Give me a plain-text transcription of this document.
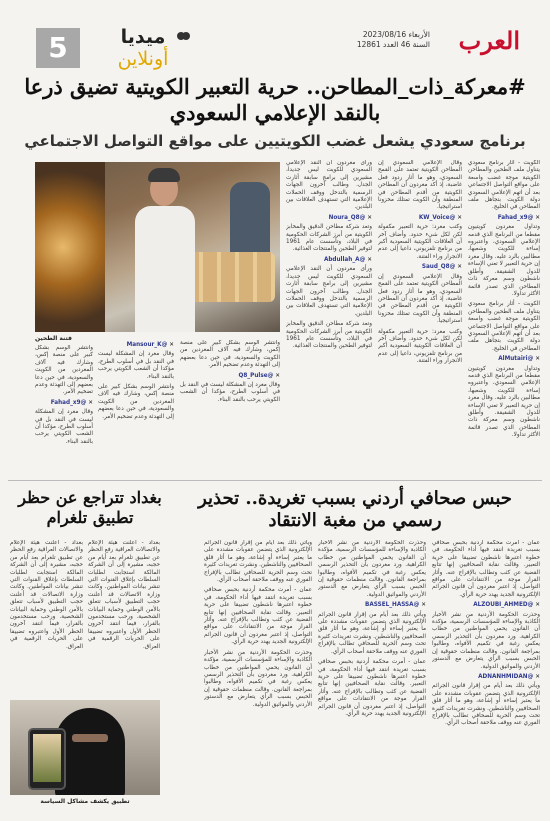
العرب
الأربعاء 2023/08/16
السنة 46 العدد 12861
ميديا
أونلاين
5
#معركة_ذات_المطاحن.. حرية التعبير الكويتية تضيق ذرعا بالنقد الإعلامي السعودي
برنامج سعودي يشعل غضب الكويتيين على مواقع التواصل الاجتماعي

الكويت - أثار برنامج سعودي يتناول ملف الطحين والمطاحن الكويتية موجة غضب واسعة على مواقع التواصل الاجتماعي بعد أن اتهم الإعلامي السعودي دولة الكويت بتجاهل ملف المطاحن في الخليج.

✕ @Fahad_x9

وتداول مغردون كويتيون مقطعا من البرنامج الذي قدمه الإعلامي السعودي، واعتبروه إساءة للكويت وشعبها، مطالبين بالرد عليه. وقال مغرد إن حرية التعبير لا تعني الإساءة للدول الشقيقة. وأطلق ناشطون وسم معركة ذات المطاحن الذي تصدر قائمة الأكثر تداولا.

الكويت - أثار برنامج سعودي يتناول ملف الطحين والمطاحن الكويتية موجة غضب واسعة على مواقع التواصل الاجتماعي بعد أن اتهم الإعلامي السعودي دولة الكويت بتجاهل ملف المطاحن في الخليج.

✕ @AlMutairi

وتداول مغردون كويتيون مقطعا من البرنامج الذي قدمه الإعلامي السعودي، واعتبروه إساءة للكويت وشعبها، مطالبين بالرد عليه. وقال مغرد إن حرية التعبير لا تعني الإساءة للدول الشقيقة. وأطلق ناشطون وسم معركة ذات المطاحن الذي تصدر قائمة الأكثر تداولا.

وقال الإعلامي السعودي إن المطاحن الكويتية تعتمد على القمح السعودي، وهو ما أثار ردود فعل غاضبة، إذ أكد مغردون أن المطاحن الكويتية من أقدم المطاحن في المنطقة وأن الكويت تمتلك مخزونا استراتيجيا.

✕ @KW_Voice

وكتب مغرد: حرية التعبير مكفولة لكن لكل شيء حدود. وأضاف آخر أن العلاقات الكويتية السعودية أكبر من برنامج تلفزيوني، داعيا إلى عدم الانجرار وراء الفتنة.

✕ @Saud_Q8

وقال الإعلامي السعودي إن المطاحن الكويتية تعتمد على القمح السعودي، وهو ما أثار ردود فعل غاضبة، إذ أكد مغردون أن المطاحن الكويتية من أقدم المطاحن في المنطقة وأن الكويت تمتلك مخزونا استراتيجيا.

وكتب مغرد: حرية التعبير مكفولة لكن لكل شيء حدود. وأضاف آخر أن العلاقات الكويتية السعودية أكبر من برنامج تلفزيوني، داعيا إلى عدم الانجرار وراء الفتنة.

ورأى مغردون أن النقد الإعلامي السعودي للكويت ليس جديدا، مشيرين إلى برامج سابقة أثارت الجدل. وطالب آخرون الجهات الرسمية بالتدخل ووقف الحملات الإعلامية التي تستهدف العلاقات بين البلدين.

✕ @Noura_Q8

وتعد شركة مطاحن الدقيق والمخابز الكويتية من أبرز الشركات الحكومية في البلاد، وتأسست عام 1961 لتوفير الطحين والمنتجات الغذائية.

✕ @Abdullah_A

ورأى مغردون أن النقد الإعلامي السعودي للكويت ليس جديدا، مشيرين إلى برامج سابقة أثارت الجدل. وطالب آخرون الجهات الرسمية بالتدخل ووقف الحملات الإعلامية التي تستهدف العلاقات بين البلدين.

وتعد شركة مطاحن الدقيق والمخابز الكويتية من أبرز الشركات الحكومية في البلاد، وتأسست عام 1961 لتوفير الطحين والمنتجات الغذائية.

فتنة الطحين

وانتشر الوسم بشكل كبير على منصة إكس، وشارك فيه آلاف المغردين من الكويت والسعودية، في حين دعا بعضهم إلى التهدئة وعدم تضخيم الأمر.

✕ @Q8_Pulse

وقال مغرد إن المشكلة ليست في النقد بل في أسلوب الطرح، مؤكدا أن الشعب الكويتي يرحب بالنقد البناء.

✕ @Mansour_K

وقال مغرد إن المشكلة ليست في النقد بل في أسلوب الطرح، مؤكدا أن الشعب الكويتي يرحب بالنقد البناء.

وانتشر الوسم بشكل كبير على منصة إكس، وشارك فيه آلاف المغردين من الكويت والسعودية، في حين دعا بعضهم إلى التهدئة وعدم تضخيم الأمر.

وانتشر الوسم بشكل كبير على منصة إكس، وشارك فيه آلاف المغردين من الكويت والسعودية، في حين دعا بعضهم إلى التهدئة وعدم تضخيم الأمر.

✕ @Fahad_x9

وقال مغرد إن المشكلة ليست في النقد بل في أسلوب الطرح، مؤكدا أن الشعب الكويتي يرحب بالنقد البناء.

حبس صحافي أردني بسبب تغريدة.. تحذير رسمي من مغبة الانتقاد

عمان - أمرت محكمة أردنية بحبس صحافي بسبب تغريدة انتقد فيها أداء الحكومة، في خطوة اعتبرها ناشطون تضييقا على حرية التعبير. وقالت نقابة الصحافيين إنها تتابع القضية عن كثب وتطالب بالإفراج عنه. وأثار القرار موجة من الانتقادات على مواقع التواصل، إذ اعتبر مغردون أن قانون الجرائم الإلكترونية الجديد يهدد حرية الرأي.

✕ @ALZOUBI_AHMED

وحذرت الحكومة الأردنية من نشر الأخبار الكاذبة والإساءة للمؤسسات الرسمية، مؤكدة أن القانون يحمي المواطنين من خطاب الكراهية. ورد مغردون بأن التحذير الرسمي يعكس رغبة في تكميم الأفواه، وطالبوا بمراجعة القانون. وقالت منظمات حقوقية إن الحبس بسبب الرأي يتعارض مع الدستور الأردني والمواثيق الدولية.

✕ @ADNANHMIDAN

ويأتي ذلك بعد أيام من إقرار قانون الجرائم الإلكترونية الذي يتضمن عقوبات مشددة على ما يعتبر إساءة أو إشاعة، وهو ما أثار قلق الصحافيين والناشطين. ونشرت تغريدات كثيرة تحت وسم الحرية للصحافي تطالب بالإفراج الفوري عنه ووقف ملاحقة أصحاب الرأي.

وحذرت الحكومة الأردنية من نشر الأخبار الكاذبة والإساءة للمؤسسات الرسمية، مؤكدة أن القانون يحمي المواطنين من خطاب الكراهية. ورد مغردون بأن التحذير الرسمي يعكس رغبة في تكميم الأفواه، وطالبوا بمراجعة القانون. وقالت منظمات حقوقية إن الحبس بسبب الرأي يتعارض مع الدستور الأردني والمواثيق الدولية.

✕ @BASSEL_HASSA

ويأتي ذلك بعد أيام من إقرار قانون الجرائم الإلكترونية الذي يتضمن عقوبات مشددة على ما يعتبر إساءة أو إشاعة، وهو ما أثار قلق الصحافيين والناشطين. ونشرت تغريدات كثيرة تحت وسم الحرية للصحافي تطالب بالإفراج الفوري عنه ووقف ملاحقة أصحاب الرأي.

عمان - أمرت محكمة أردنية بحبس صحافي بسبب تغريدة انتقد فيها أداء الحكومة، في خطوة اعتبرها ناشطون تضييقا على حرية التعبير. وقالت نقابة الصحافيين إنها تتابع القضية عن كثب وتطالب بالإفراج عنه. وأثار القرار موجة من الانتقادات على مواقع التواصل، إذ اعتبر مغردون أن قانون الجرائم الإلكترونية الجديد يهدد حرية الرأي.

ويأتي ذلك بعد أيام من إقرار قانون الجرائم الإلكترونية الذي يتضمن عقوبات مشددة على ما يعتبر إساءة أو إشاعة، وهو ما أثار قلق الصحافيين والناشطين. ونشرت تغريدات كثيرة تحت وسم الحرية للصحافي تطالب بالإفراج الفوري عنه ووقف ملاحقة أصحاب الرأي.

عمان - أمرت محكمة أردنية بحبس صحافي بسبب تغريدة انتقد فيها أداء الحكومة، في خطوة اعتبرها ناشطون تضييقا على حرية التعبير. وقالت نقابة الصحافيين إنها تتابع القضية عن كثب وتطالب بالإفراج عنه. وأثار القرار موجة من الانتقادات على مواقع التواصل، إذ اعتبر مغردون أن قانون الجرائم الإلكترونية الجديد يهدد حرية الرأي.

وحذرت الحكومة الأردنية من نشر الأخبار الكاذبة والإساءة للمؤسسات الرسمية، مؤكدة أن القانون يحمي المواطنين من خطاب الكراهية. ورد مغردون بأن التحذير الرسمي يعكس رغبة في تكميم الأفواه، وطالبوا بمراجعة القانون. وقالت منظمات حقوقية إن الحبس بسبب الرأي يتعارض مع الدستور الأردني والمواثيق الدولية.

بغداد تتراجع عن حظر تطبيق تلغرام

بغداد - أعلنت هيئة الإعلام والاتصالات العراقية رفع الحظر عن تطبيق تلغرام بعد أيام من حجبه، مشيرة إلى أن الشركة المالكة استجابت لطلبات السلطات بإغلاق القنوات التي تنشر بيانات المواطنين. وكانت وزارة الاتصالات قد أعلنت حجب التطبيق لأسباب تتعلق بالأمن الوطني وحماية البيانات الشخصية. ورحب مستخدمون بالقرار، فيما انتقد آخرون الحظر الأول واعتبروه تضييقا على الحريات الرقمية في العراق.

بغداد - أعلنت هيئة الإعلام والاتصالات العراقية رفع الحظر عن تطبيق تلغرام بعد أيام من حجبه، مشيرة إلى أن الشركة المالكة استجابت لطلبات السلطات بإغلاق القنوات التي تنشر بيانات المواطنين. وكانت وزارة الاتصالات قد أعلنت حجب التطبيق لأسباب تتعلق بالأمن الوطني وحماية البيانات الشخصية. ورحب مستخدمون بالقرار، فيما انتقد آخرون الحظر الأول واعتبروه تضييقا على الحريات الرقمية في العراق.

تطبيق يكشف مشاكل السياسة
